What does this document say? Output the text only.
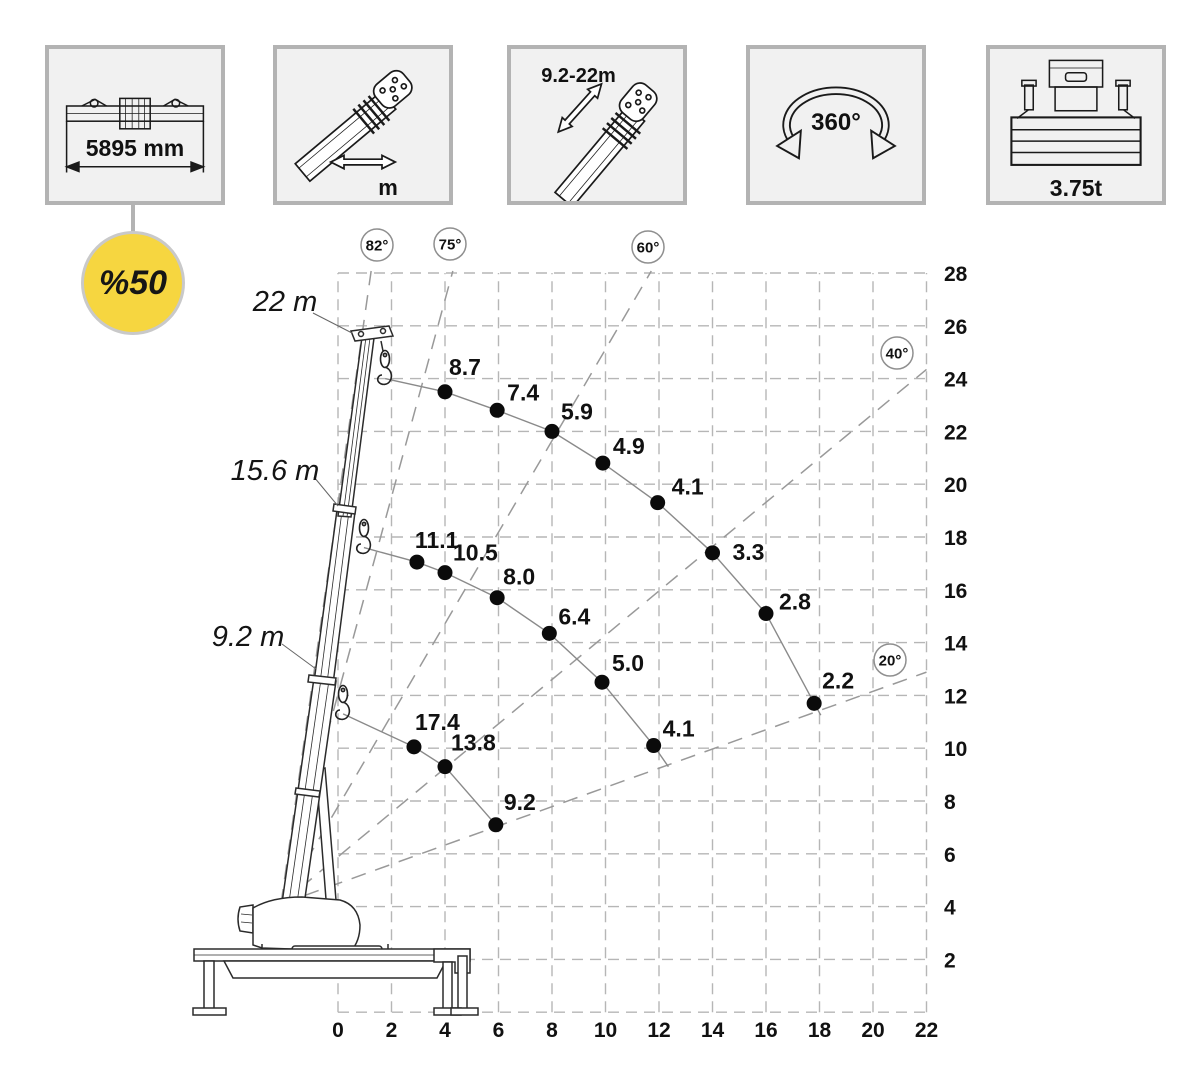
8.7
7.4
5.9
4.9
4.1
3.3
2.8
2.2
11.1
10.5
8.0
6.4
5.0
4.1
17.4
13.8
9.2
82°	75°	60°
40°
20°
0 2 4 6 8 10 12 14 16 18 20 22
2
4
6
8
10
12
14
16
18
20
22
24
26
28
22 m
15.6 m
9.2 m
5895 mm
m
9.2-22m
360°
3.75t
%50
